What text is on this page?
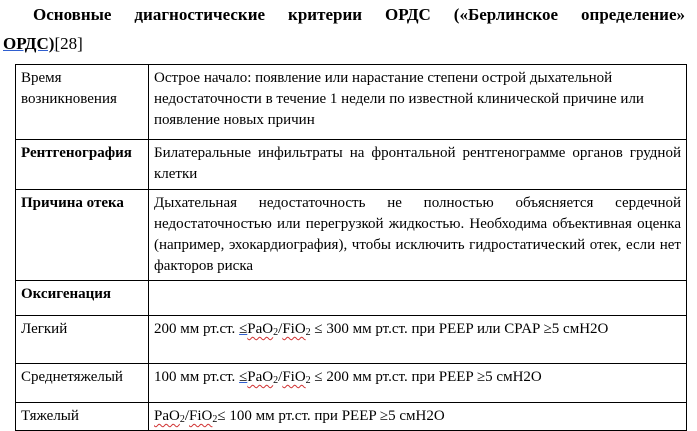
Основные диагностические критерии ОРДС («Берлинское определение»
ОРДС)[28]
Время возникновения	Острое начало: появление или нарастание степени острой дыхательной недостаточности в течение 1 недели по известной клинической причине или появление новых причин
Рентгенография	Билатеральные инфильтраты на фронтальной рентгенограмме органов грудной клетки
Причина отека	Дыхательная недостаточность не полностью объясняется сердечной недостаточностью или перегрузкой жидкостью. Необходима объективная оценка (например, эхокардиография), чтобы исключить гидростатический отек, если нет факторов риска
Оксигенация	
Легкий	200 мм рт.ст. ≤PaO$_2$/FiO$_2$ ≤ 300 мм рт.ст. при PEEP или CPAP ≥5 смH2O
Среднетяжелый	100 мм рт.ст. ≤PaO$_2$/FiO$_2$ ≤ 200 мм рт.ст. при PEEP ≥5 смH2O
Тяжелый	PaO$_2$/FiO$_2$≤ 100 мм рт.ст. при PEEP ≥5 смH2O
